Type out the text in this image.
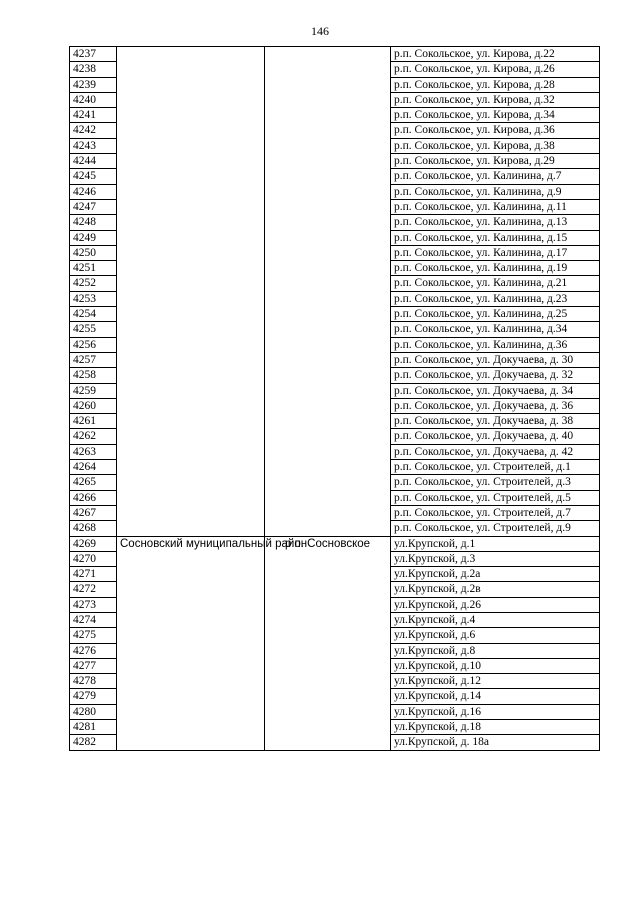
146
4237			р.п. Сокольское, ул. Кирова, д.22
4238			р.п. Сокольское, ул. Кирова, д.26
4239			р.п. Сокольское, ул. Кирова, д.28
4240			р.п. Сокольское, ул. Кирова, д.32
4241			р.п. Сокольское, ул. Кирова, д.34
4242			р.п. Сокольское, ул. Кирова, д.36
4243			р.п. Сокольское, ул. Кирова, д.38
4244			р.п. Сокольское, ул. Кирова, д.29
4245			р.п. Сокольское, ул. Калинина, д.7
4246			р.п. Сокольское, ул. Калинина, д.9
4247			р.п. Сокольское, ул. Калинина, д.11
4248			р.п. Сокольское, ул. Калинина, д.13
4249			р.п. Сокольское, ул. Калинина, д.15
4250			р.п. Сокольское, ул. Калинина, д.17
4251			р.п. Сокольское, ул. Калинина, д.19
4252			р.п. Сокольское, ул. Калинина, д.21
4253			р.п. Сокольское, ул. Калинина, д.23
4254			р.п. Сокольское, ул. Калинина, д.25
4255			р.п. Сокольское, ул. Калинина, д.34
4256			р.п. Сокольское, ул. Калинина, д.36
4257			р.п. Сокольское, ул. Докучаева, д. 30
4258			р.п. Сокольское, ул. Докучаева, д. 32
4259			р.п. Сокольское, ул. Докучаева, д. 34
4260			р.п. Сокольское, ул. Докучаева, д. 36
4261			р.п. Сокольское, ул. Докучаева, д. 38
4262			р.п. Сокольское, ул. Докучаева, д. 40
4263			р.п. Сокольское, ул. Докучаева, д. 42
4264			р.п. Сокольское, ул. Строителей, д.1
4265			р.п. Сокольское, ул. Строителей, д.3
4266			р.п. Сокольское, ул. Строителей, д.5
4267			р.п. Сокольское, ул. Строителей, д.7
4268			р.п. Сокольское, ул. Строителей, д.9
4269	Сосновский муниципальный район	р.п. Сосновское	ул.Крупской, д.1
4270			ул.Крупской, д.3
4271			ул.Крупской, д.2а
4272			ул.Крупской, д.2в
4273			ул.Крупской, д.26
4274			ул.Крупской, д.4
4275			ул.Крупской, д.6
4276			ул.Крупской, д.8
4277			ул.Крупской, д.10
4278			ул.Крупской, д.12
4279			ул.Крупской, д.14
4280			ул.Крупской, д.16
4281			ул.Крупской, д.18
4282			ул.Крупской, д. 18а
